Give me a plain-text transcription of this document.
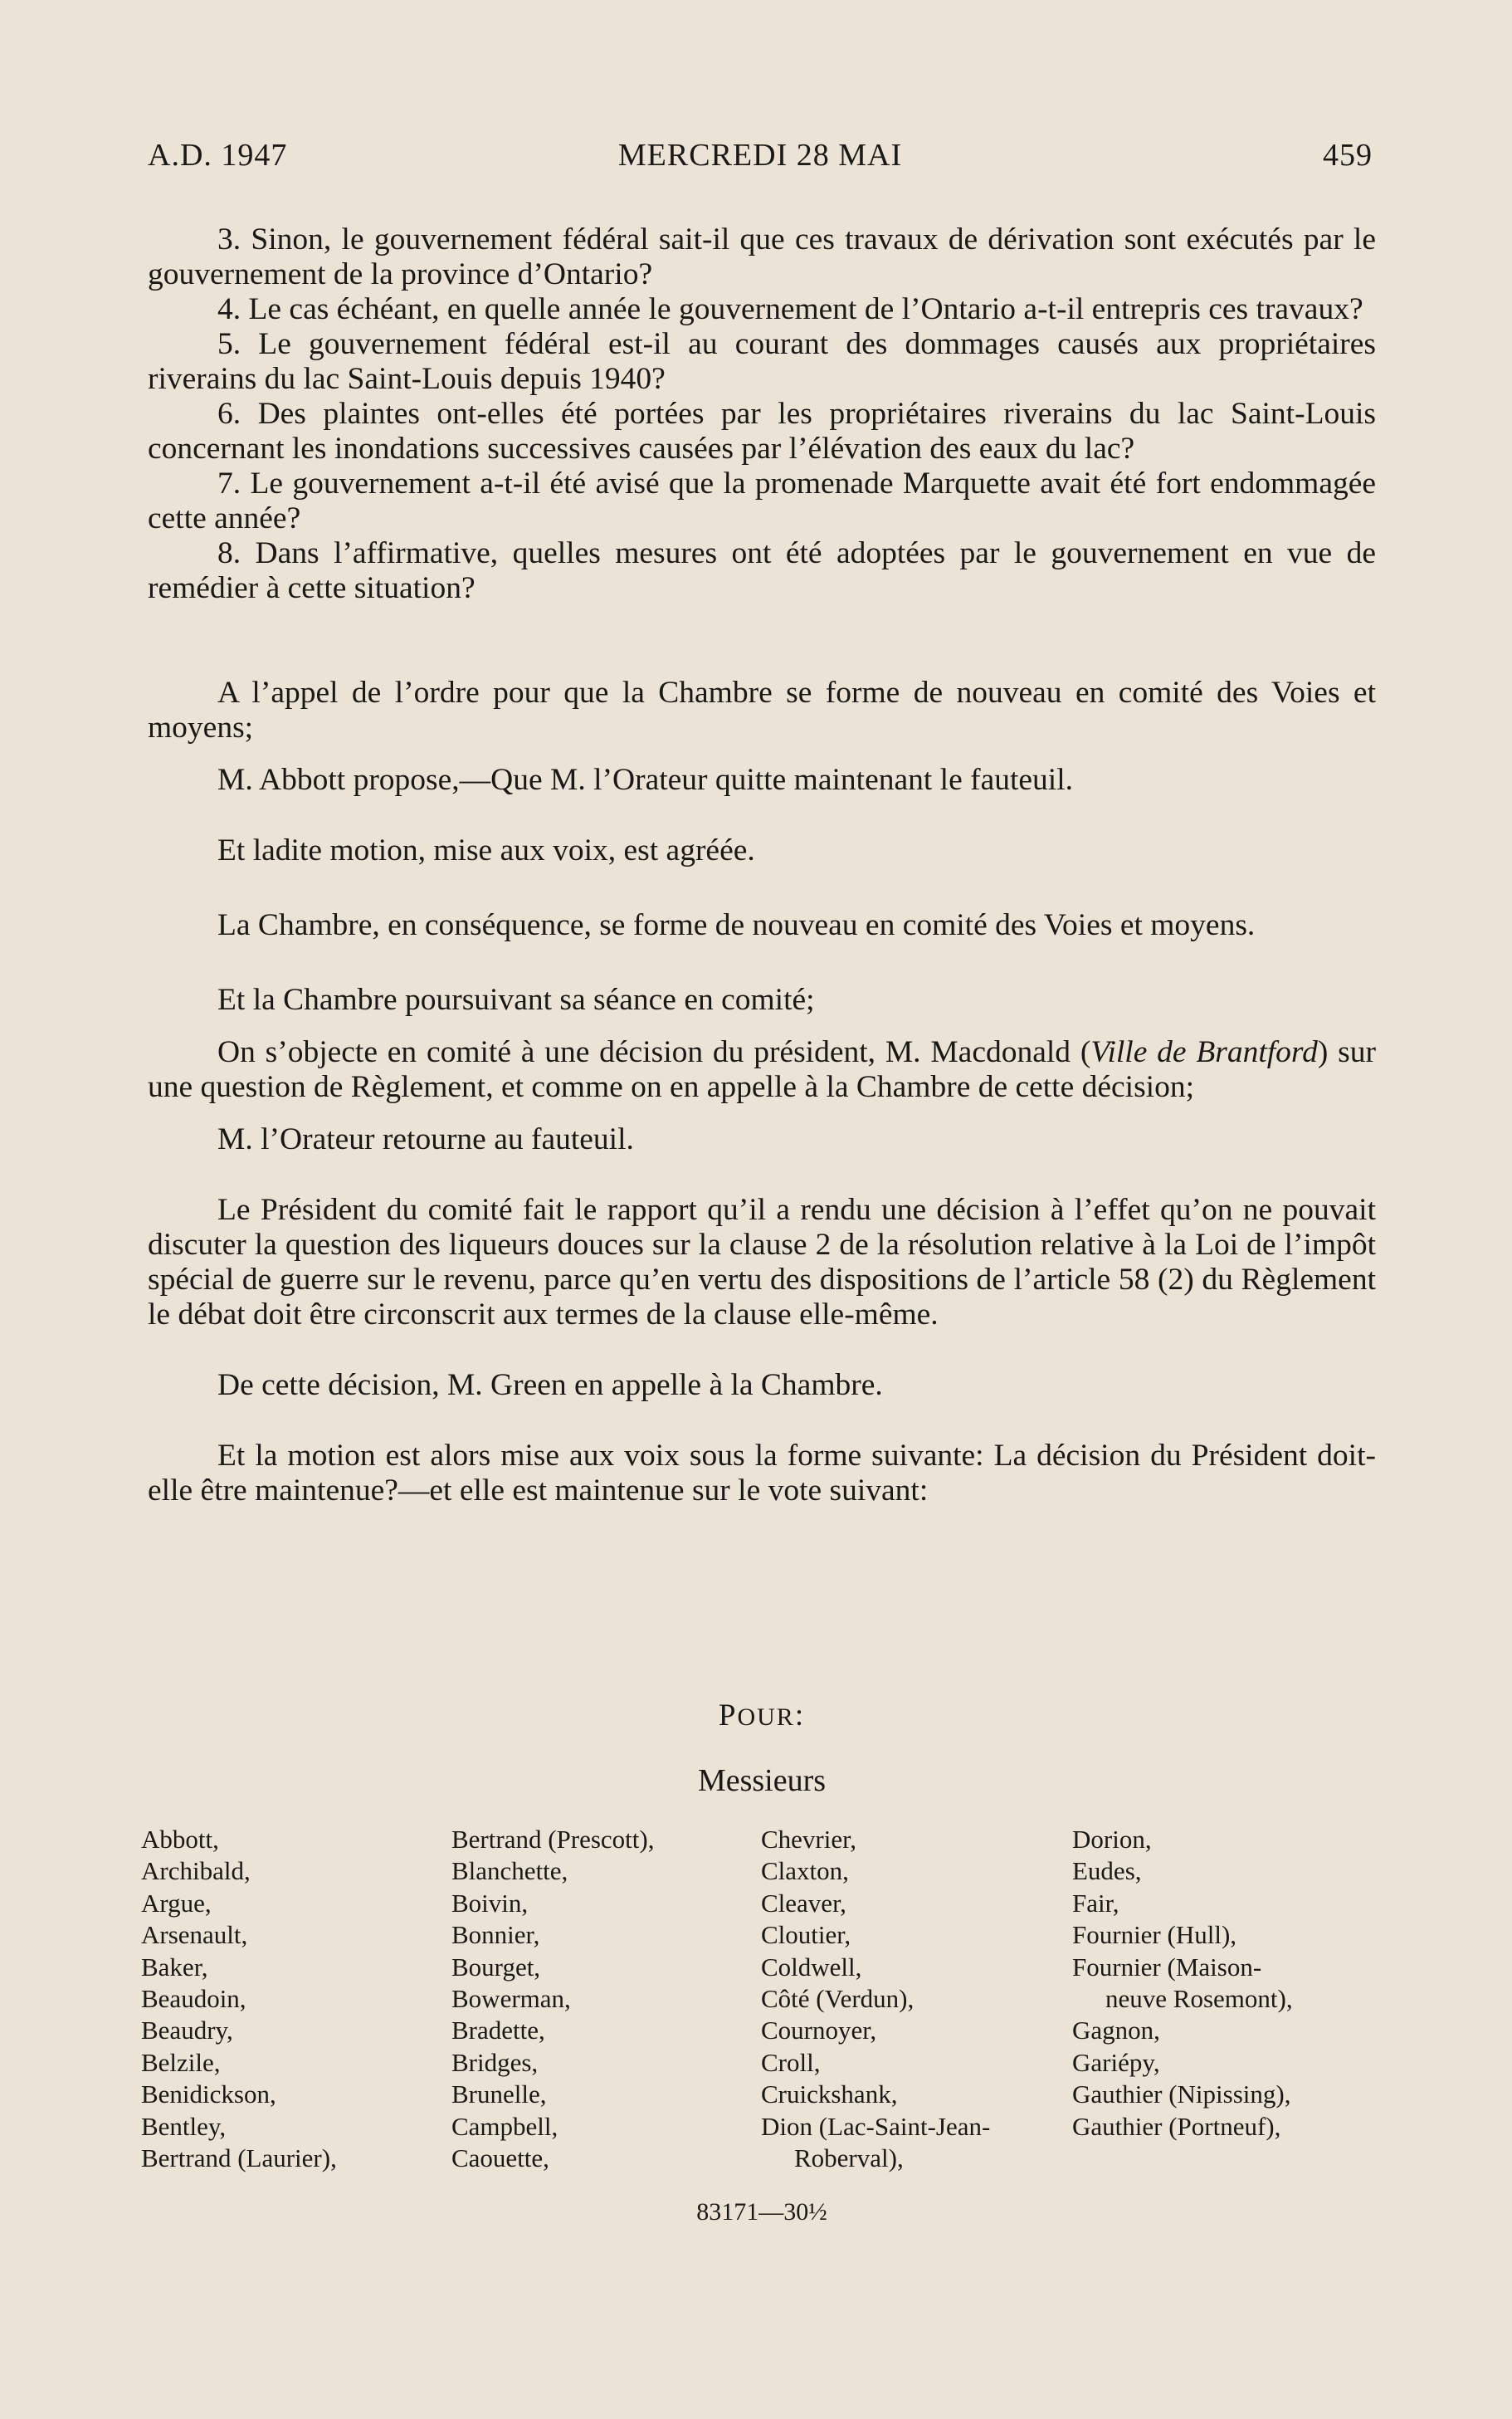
A.D. 1947	MERCREDI 28 MAI	459

3. Sinon, le gouvernement fédéral sait-il que ces travaux de dérivation sont exécutés par le gouvernement de la province d’Ontario?

4. Le cas échéant, en quelle année le gouvernement de l’Ontario a-t-il entrepris ces travaux?

5. Le gouvernement fédéral est-il au courant des dommages causés aux propriétaires riverains du lac Saint-Louis depuis 1940?

6. Des plaintes ont-elles été portées par les propriétaires riverains du lac Saint-Louis concernant les inondations successives causées par l’élévation des eaux du lac?

7. Le gouvernement a-t-il été avisé que la promenade Marquette avait été fort endommagée cette année?

8. Dans l’affirmative, quelles mesures ont été adoptées par le gouvernement en vue de remédier à cette situation?

A l’appel de l’ordre pour que la Chambre se forme de nouveau en comité des Voies et moyens;

M. Abbott propose,—Que M. l’Orateur quitte maintenant le fauteuil.

Et ladite motion, mise aux voix, est agréée.

La Chambre, en conséquence, se forme de nouveau en comité des Voies et moyens.

Et la Chambre poursuivant sa séance en comité;

On s’objecte en comité à une décision du président, M. Macdonald (Ville de Brantford) sur une question de Règlement, et comme on en appelle à la Chambre de cette décision;

M. l’Orateur retourne au fauteuil.

Le Président du comité fait le rapport qu’il a rendu une décision à l’effet qu’on ne pouvait discuter la question des liqueurs douces sur la clause 2 de la résolution relative à la Loi de l’impôt spécial de guerre sur le revenu, parce qu’en vertu des dispositions de l’article 58 (2) du Règlement le débat doit être circonscrit aux termes de la clause elle-même.

De cette décision, M. Green en appelle à la Chambre.

Et la motion est alors mise aux voix sous la forme suivante: La décision du Président doit-elle être maintenue?—et elle est maintenue sur le vote suivant:

POUR:
Messieurs
Abbott,
Archibald,
Argue,
Arsenault,
Baker,
Beaudoin,
Beaudry,
Belzile,
Benidickson,
Bentley,
Bertrand (Laurier),
Bertrand (Prescott),
Blanchette,
Boivin,
Bonnier,
Bourget,
Bowerman,
Bradette,
Bridges,
Brunelle,
Campbell,
Caouette,
Chevrier,
Claxton,
Cleaver,
Cloutier,
Coldwell,
Côté (Verdun),
Cournoyer,
Croll,
Cruickshank,
Dion (Lac-Saint-Jean-
Roberval),
Dorion,
Eudes,
Fair,
Fournier (Hull),
Fournier (Maison-
neuve Rosemont),
Gagnon,
Gariépy,
Gauthier (Nipissing),
Gauthier (Portneuf),
83171—30½
